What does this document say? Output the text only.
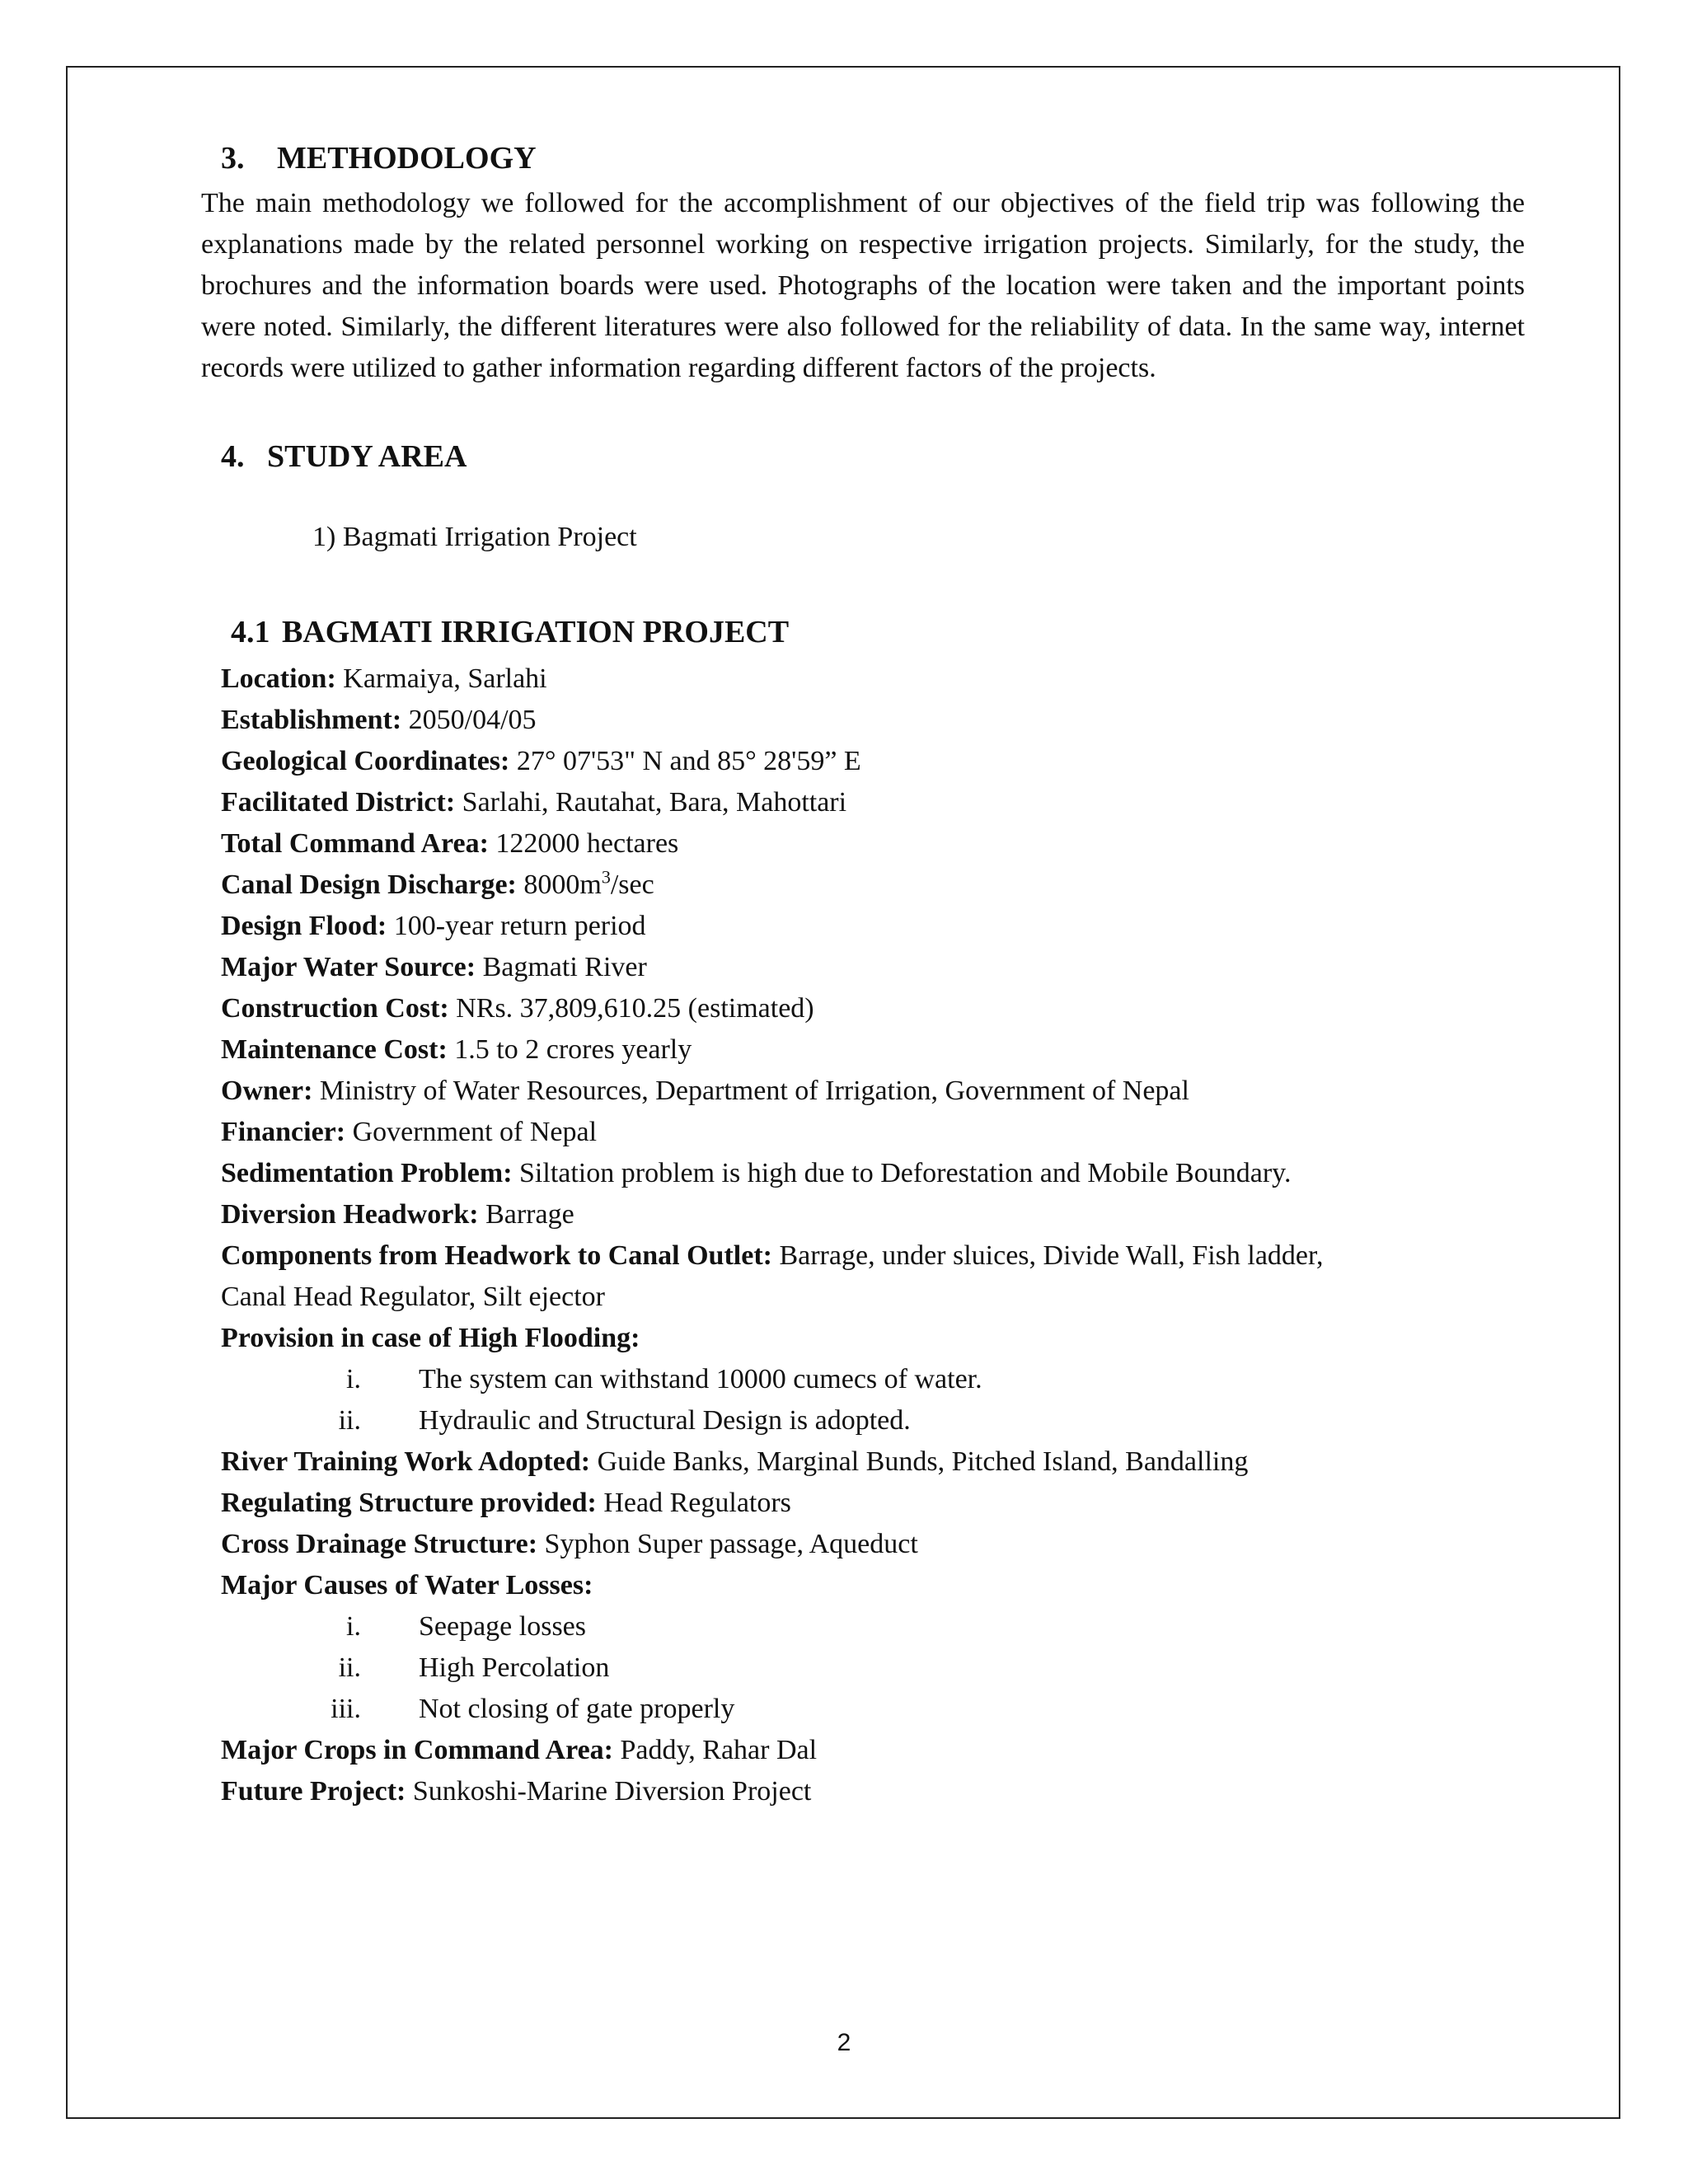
3. METHODOLOGY

The main methodology we followed for the accomplishment of our objectives of the field trip was following the explanations made by the related personnel working on respective irrigation projects. Similarly, for the study, the brochures and the information boards were used. Photographs of the location were taken and the important points were noted. Similarly, the different literatures were also followed for the reliability of data. In the same way, internet records were utilized to gather information regarding different factors of the projects.

4. STUDY AREA
1) Bagmati Irrigation Project
4.1 BAGMATI IRRIGATION PROJECT
Location: Karmaiya, Sarlahi
Establishment: 2050/04/05
Geological Coordinates: 27° 07'53" N and 85° 28'59” E
Facilitated District: Sarlahi, Rautahat, Bara, Mahottari
Total Command Area: 122000 hectares
Canal Design Discharge: $8000m^3/\sec$
Design Flood: 100-year return period
Major Water Source: Bagmati River
Construction Cost: NRs. 37,809,610.25 (estimated)
Maintenance Cost: 1.5 to 2 crores yearly
Owner: Ministry of Water Resources, Department of Irrigation, Government of Nepal
Financier: Government of Nepal
Sedimentation Problem: Siltation problem is high due to Deforestation and Mobile Boundary.
Diversion Headwork: Barrage
Components from Headwork to Canal Outlet: Barrage, under sluices, Divide Wall, Fish ladder,
Canal Head Regulator, Silt ejector
Provision in case of High Flooding:
i.	The system can withstand 10000 cumecs of water.
ii.	Hydraulic and Structural Design is adopted.
River Training Work Adopted: Guide Banks, Marginal Bunds, Pitched Island, Bandalling
Regulating Structure provided: Head Regulators
Cross Drainage Structure: Syphon Super passage, Aqueduct
Major Causes of Water Losses:
i.	Seepage losses
ii.	High Percolation
iii.	Not closing of gate properly
Major Crops in Command Area: Paddy, Rahar Dal
Future Project: Sunkoshi-Marine Diversion Project
2
